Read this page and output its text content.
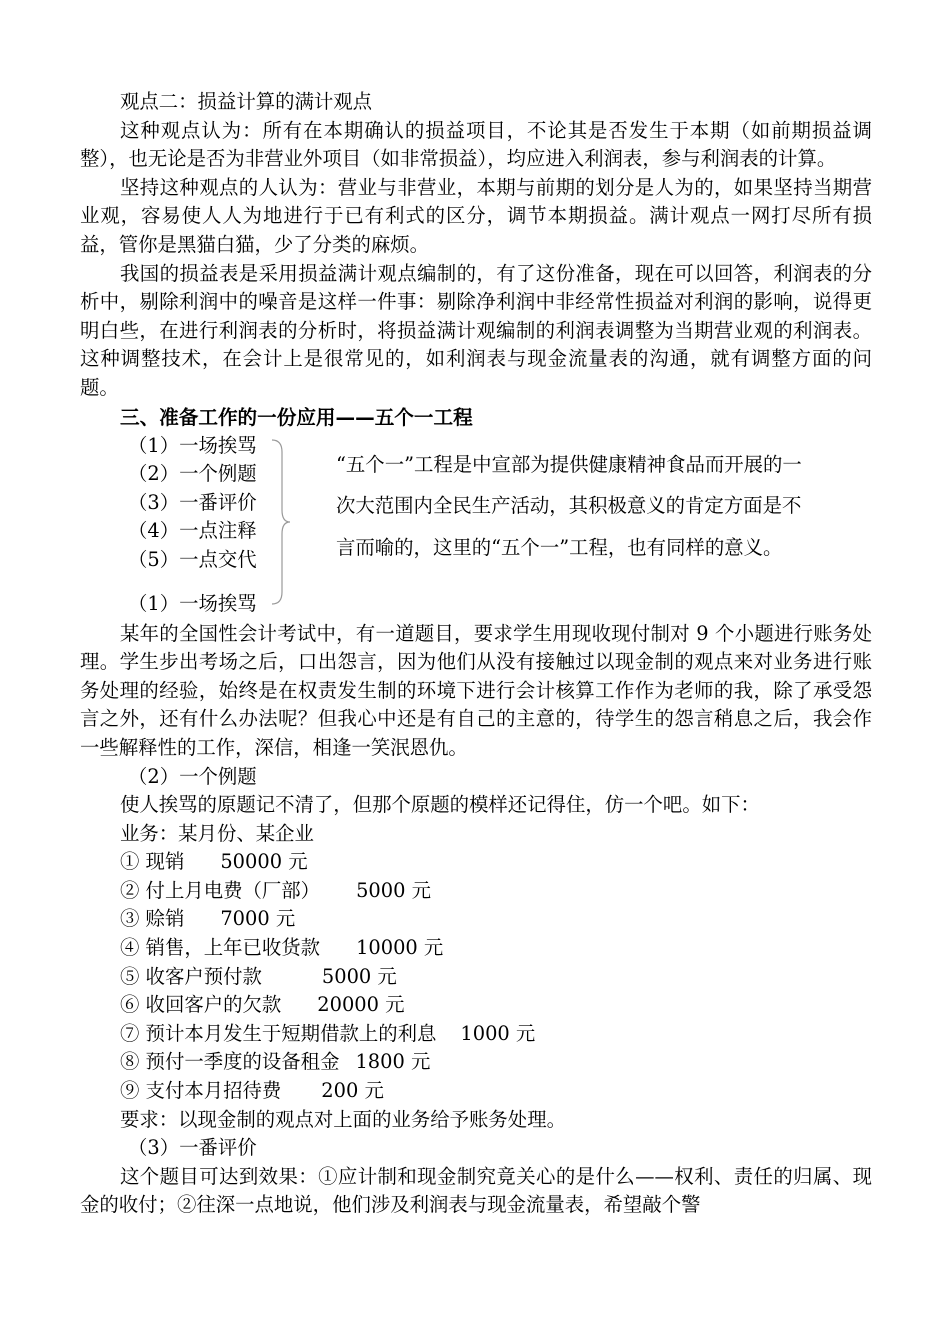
观点二：损益计算的满计观点

这种观点认为：所有在本期确认的损益项目，不论其是否发生于本期（如前期损益调整），也无论是否为非营业外项目（如非常损益），均应进入利润表，参与利润表的计算。

坚持这种观点的人认为：营业与非营业，本期与前期的划分是人为的，如果坚持当期营业观，容易使人人为地进行于已有利式的区分，调节本期损益。满计观点一网打尽所有损益，管你是黑猫白猫，少了分类的麻烦。

我国的损益表是采用损益满计观点编制的，有了这份准备，现在可以回答，利润表的分析中，剔除利润中的噪音是这样一件事：剔除净利润中非经常性损益对利润的影响，说得更明白些，在进行利润表的分析时，将损益满计观编制的利润表调整为当期营业观的利润表。这种调整技术，在会计上是很常见的，如利润表与现金流量表的沟通，就有调整方面的问题。

三、准备工作的一份应用——五个一工程
（1）一场挨骂
（2）一个例题
（3）一番评价
（4）一点注释
（5）一点交代
“五个一”工程是中宣部为提供健康精神食品而开展的一次大范围内全民生产活动，其积极意义的肯定方面是不言而喻的，这里的“五个一”工程，也有同样的意义。
（1）一场挨骂

某年的全国性会计考试中，有一道题目，要求学生用现收现付制对 9 个小题进行账务处理。学生步出考场之后，口出怨言，因为他们从没有接触过以现金制的观点来对业务进行账务处理的经验，始终是在权责发生制的环境下进行会计核算工作作为老师的我，除了承受怨言之外，还有什么办法呢？但我心中还是有自己的主意的，待学生的怨言稍息之后，我会作一些解释性的工作，深信，相逢一笑泯恩仇。

（2）一个例题
使人挨骂的原题记不清了，但那个原题的模样还记得住，仿一个吧。如下：
业务：某月份、某企业
① 现销 50000 元
② 付上月电费（厂部） 5000 元
③ 赊销 7000 元
④ 销售，上年已收货款 10000 元
⑤ 收客户预付款	5000 元
⑥ 收回客户的欠款 20000 元
⑦ 预计本月发生于短期借款上的利息 1000 元
⑧ 预付一季度的设备租金 1800 元
⑨ 支付本月招待费 200 元
要求：以现金制的观点对上面的业务给予账务处理。
（3）一番评价

这个题目可达到效果：①应计制和现金制究竟关心的是什么——权利、责任的归属、现金的收付；②往深一点地说，他们涉及利润表与现金流量表，希望敲个警
